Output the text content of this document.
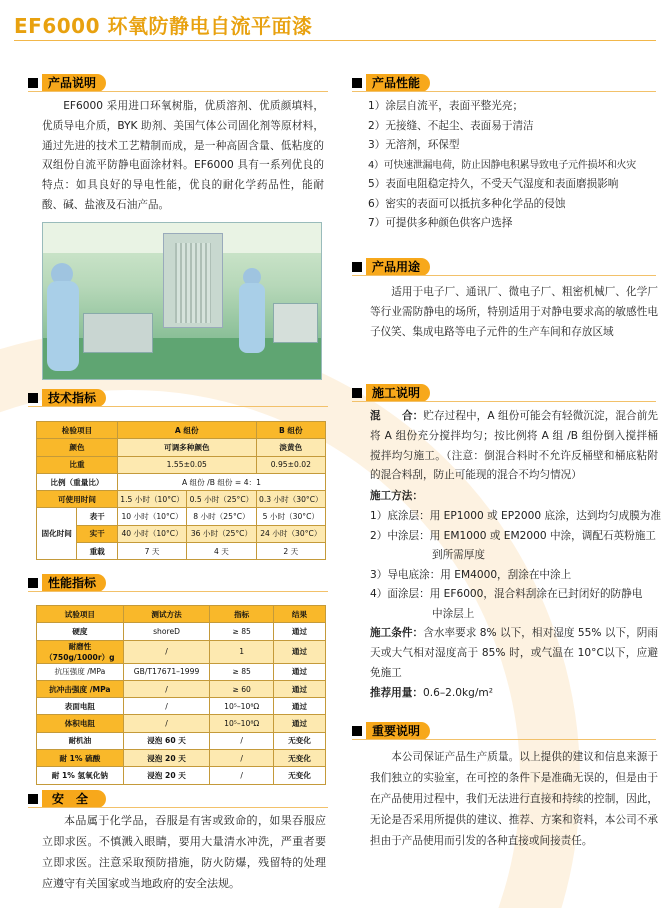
EF6000 环氧防静电自流平面漆
产品说明
EF6000 采用进口环氧树脂，优质溶剂、优质颜填料，优质导电介质，BYK 助剂、美国气体公司固化剂等原材料，通过先进的技术工艺精制而成，是一种高固含量、低粘度的双组份自流平防静电面涂材料。EF6000 具有一系列优良的特点：如具良好的导电性能，优良的耐化学药品性，能耐酸、碱、盐液及石油产品。
技术指标
检验项目		A 组份		B 组份
颜色		可调多种颜色		淡黄色
比重		1.55±0.05		0.95±0.02
比例（重量比）		A 组份 /B 组份 = 4：1		
可使用时间		1.5 小时（10°C）	0.5 小时（25°C）	0.3 小时（30°C）
固化时间	表干	10 小时（10°C）	8 小时（25°C）	5 小时（30°C）
	实干	40 小时（10°C）	36 小时（25°C）	24 小时（30°C）
	重载	7 天	4 天	2 天
性能指标
试验项目	测试方法	指标	结果
硬度	shoreD	≥ 85	通过
耐磨性（750g/1000r）g	/	1	通过
抗压强度 /MPa	GB/T17671–1999	≥ 85	通过
抗冲击强度 /MPa	/	≥ 60	通过
表面电阻	/	10⁵–10⁸Ω	通过
体积电阻	/	10⁵–10⁸Ω	通过
耐机油	浸泡 60 天	/	无变化
耐 1% 硫酸	浸泡 20 天	/	无变化
耐 1% 氢氧化钠	浸泡 20 天	/	无变化
安　全
本品属于化学品，吞服是有害或致命的，如果吞服应立即求医。不慎溅入眼睛，要用大量清水冲洗，严重者要立即求医。注意采取预防措施，防火防爆，残留特的处理应遵守有关国家或当地政府的安全法规。
产品性能
1）涂层自流平，表面平整光亮；
2）无接缝、不起尘、表面易于清洁
3）无溶剂，环保型
4）可快速泄漏电荷，防止因静电积累导致电子元件损坏和火灾
5）表面电阻稳定持久，不受天气湿度和表面磨损影响
6）密实的表面可以抵抗多种化学品的侵蚀
7）可提供多种颜色供客户选择
产品用途
适用于电子厂、通讯厂、微电子厂、粗密机械厂、化学厂等行业需防静电的场所，特别适用于对静电要求高的敏感性电子仪笑、集成电路等电子元件的生产车间和存放区域
施工说明
混　　合：贮存过程中，A 组份可能会有轻微沉淀，混合前先将 A 组份充分搅拌均匀；按比例将 A 组 /B 组份倒入搅拌桶搅拌均匀施工。（注意：倒混合料时不允许反桶壁和桶底粘附的混合料刮，防止可能现的混合不均匀情况）
施工方法：
1）底涂层：用 EP1000 或 EP2000 底涂，达到均匀成膜为准
2）中涂层：用 EM1000 或 EM2000 中涂，调配石英粉施工
到所需厚度
3）导电底涂：用 EM4000，刮涂在中涂上
4）面涂层：用 EF6000，混合料刮涂在已封闭好的防静电
中涂层上
施工条件：含水率要求 8% 以下，相对湿度 55% 以下，阴雨天或大气相对湿度高于 85% 时，或气温在 10°C以下，应避免施工
推荐用量：0.6–2.0kg/m²
重要说明
本公司保证产品生产质量。以上提供的建议和信息来源于我们独立的实验室，在可控的条件下是准确无误的，但是由于在产品使用过程中，我们无法进行直接和持续的控制，因此，无论是否采用所提供的建议、推荐、方案和资料，本公司不承担由于产品使用而引发的各种直接或间接责任。
